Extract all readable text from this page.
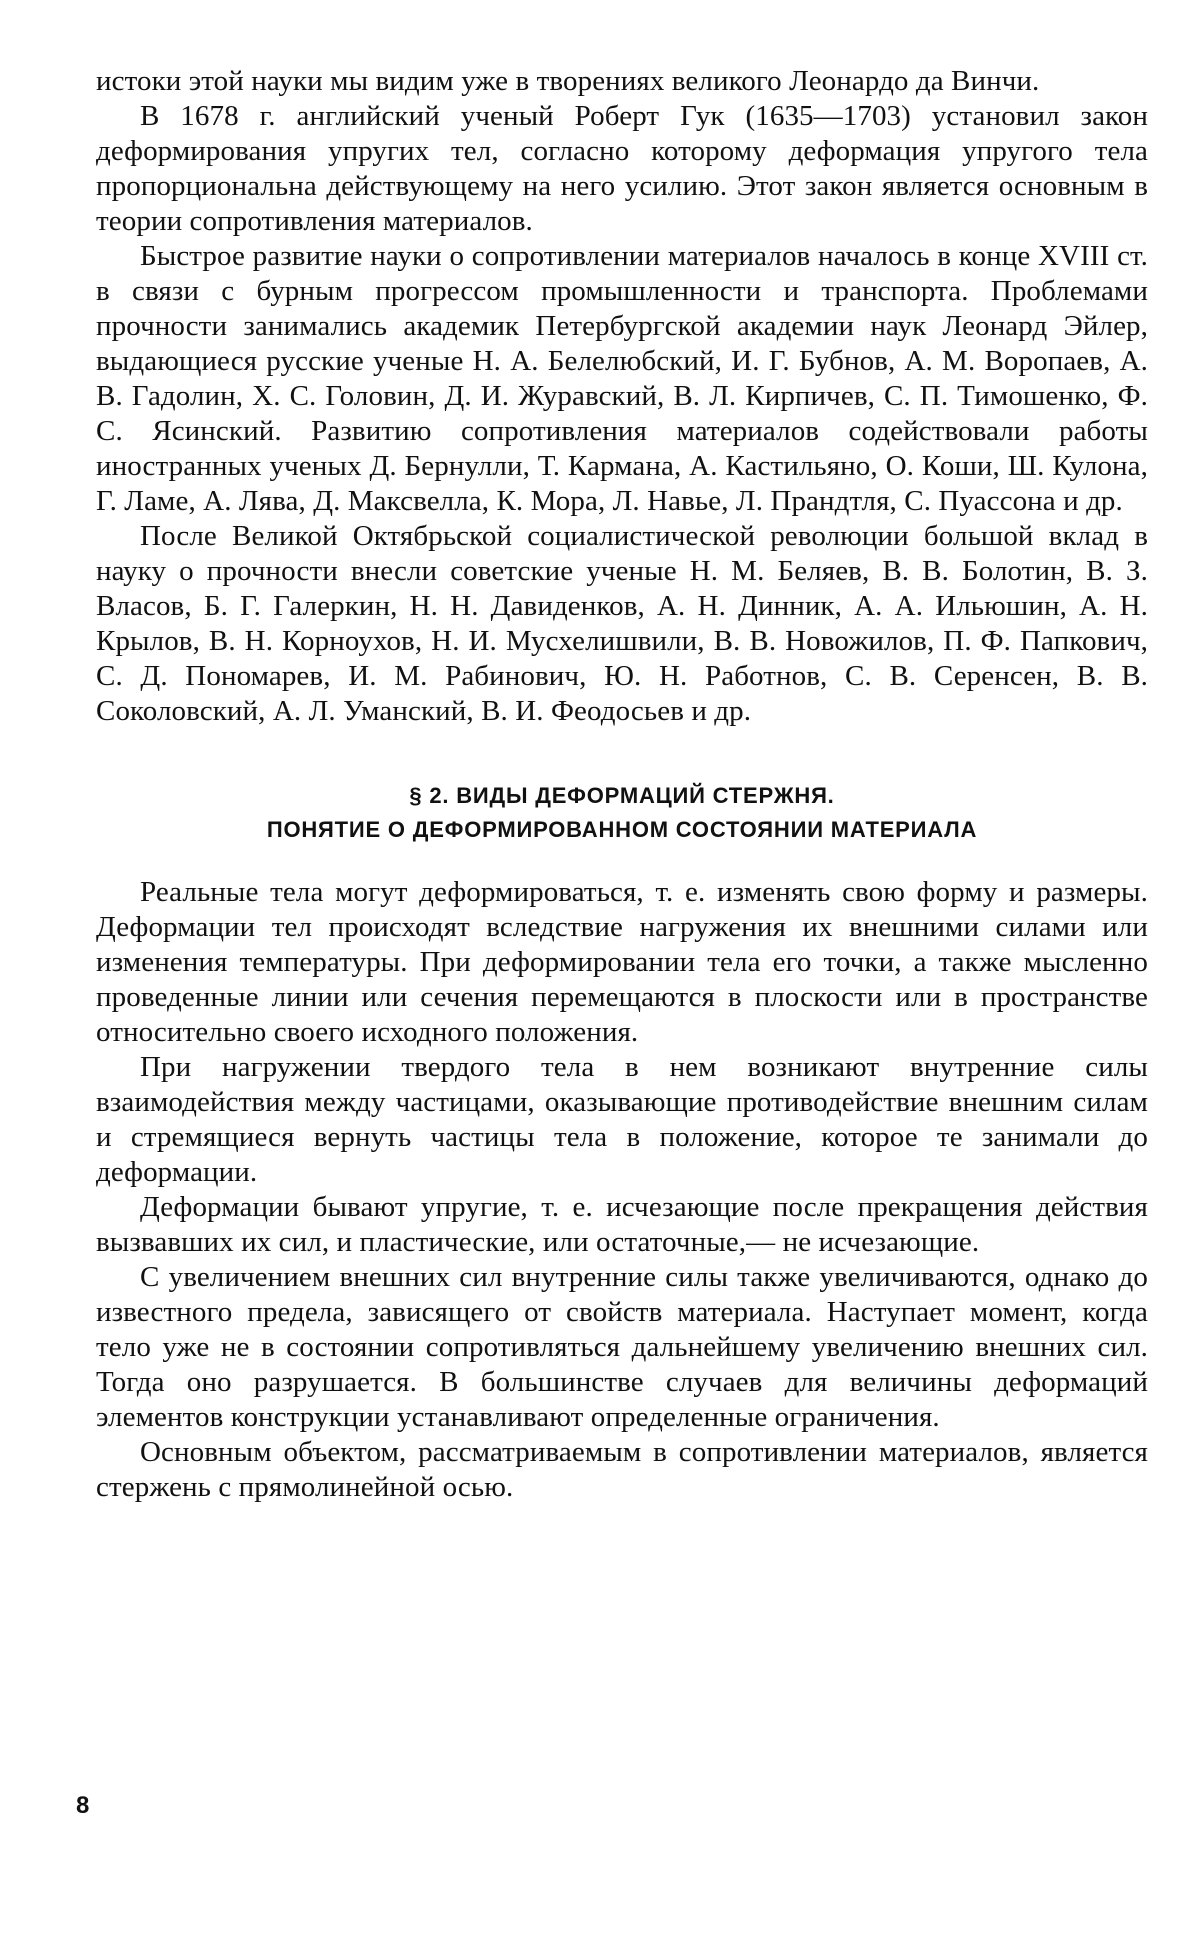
истоки этой науки мы видим уже в творениях великого Леонардо да Винчи.

В 1678 г. английский ученый Роберт Гук (1635—1703) установил закон деформирования упругих тел, согласно которому деформация упругого тела пропорциональна действующему на него усилию. Этот закон является основным в теории сопротивления материалов.

Быстрое развитие науки о сопротивлении материалов началось в конце XVIII ст. в связи с бурным прогрессом промышленности и транспорта. Проблемами прочности занимались академик Петербургской академии наук Леонард Эйлер, выдающиеся русские ученые Н. А. Белелюбский, И. Г. Бубнов, А. М. Воропаев, А. В. Гадолин, Х. С. Головин, Д. И. Журавский, В. Л. Кирпичев, С. П. Тимошенко, Ф. С. Ясинский. Развитию сопротивления материалов содействовали работы иностранных ученых Д. Бернулли, Т. Кармана, А. Кастильяно, О. Коши, Ш. Кулона, Г. Ламе, А. Лява, Д. Максвелла, К. Мора, Л. Навье, Л. Прандтля, С. Пуассона и др.

После Великой Октябрьской социалистической революции большой вклад в науку о прочности внесли советские ученые Н. М. Беляев, В. В. Болотин, В. З. Власов, Б. Г. Галеркин, Н. Н. Давиденков, А. Н. Динник, А. А. Ильюшин, А. Н. Крылов, В. Н. Корноухов, Н. И. Мусхелишвили, В. В. Новожилов, П. Ф. Папкович, С. Д. Пономарев, И. М. Рабинович, Ю. Н. Работнов, С. В. Серенсен, В. В. Соколовский, А. Л. Уманский, В. И. Феодосьев и др.

§ 2. ВИДЫ ДЕФОРМАЦИЙ СТЕРЖНЯ.
ПОНЯТИЕ О ДЕФОРМИРОВАННОМ СОСТОЯНИИ МАТЕРИАЛА

Реальные тела могут деформироваться, т. е. изменять свою форму и размеры. Деформации тел происходят вследствие нагружения их внешними силами или изменения температуры. При деформировании тела его точки, а также мысленно проведенные линии или сечения перемещаются в плоскости или в пространстве относительно своего исходного положения.

При нагружении твердого тела в нем возникают внутренние силы взаимодействия между частицами, оказывающие противодействие внешним силам и стремящиеся вернуть частицы тела в положение, которое те занимали до деформации.

Деформации бывают упругие, т. е. исчезающие после прекращения действия вызвавших их сил, и пластические, или остаточные,— не исчезающие.

С увеличением внешних сил внутренние силы также увеличиваются, однако до известного предела, зависящего от свойств материала. Наступает момент, когда тело уже не в состоянии сопротивляться дальнейшему увеличению внешних сил. Тогда оно разрушается. В большинстве случаев для величины деформаций элементов конструкции устанавливают определенные ограничения.

Основным объектом, рассматриваемым в сопротивлении материалов, является стержень с прямолинейной осью.

8
